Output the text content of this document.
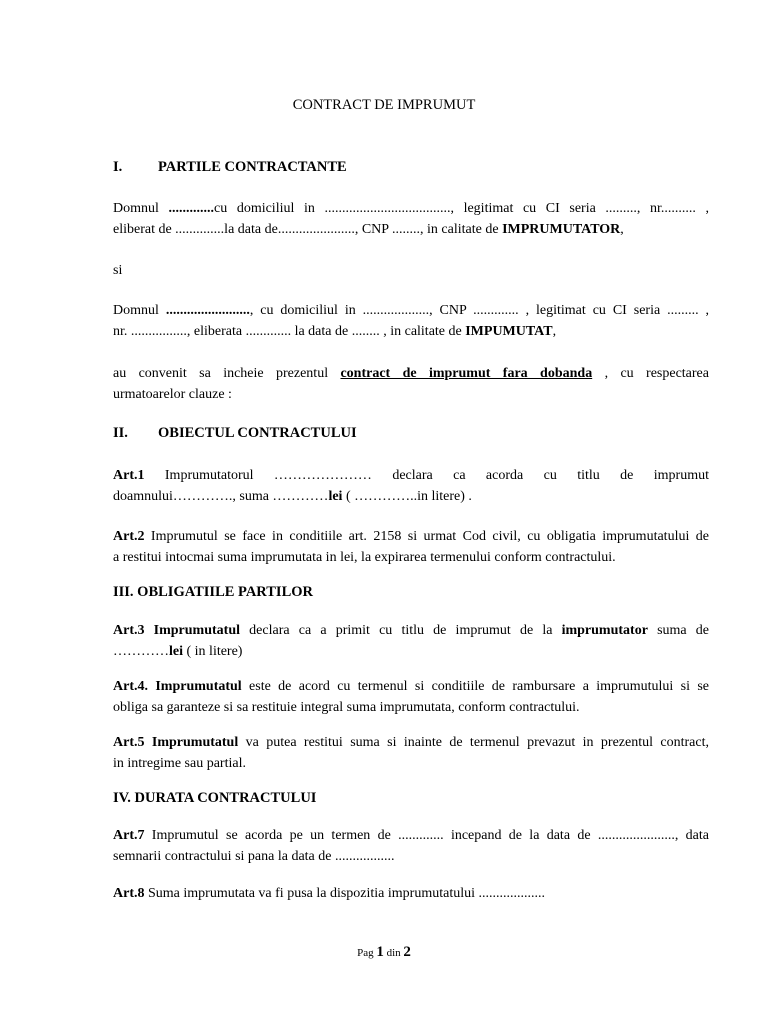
CONTRACT DE IMPRUMUT
I. PARTILE CONTRACTANTE
Domnul .............cu domiciliul in ...................................., legitimat cu CI seria ........., nr.......... ,
eliberat de ..............la data de......................, CNP ........, in calitate de IMPRUMUTATOR,
si
Domnul ........................, cu domiciliul in ..................., CNP ............. , legitimat cu CI seria ......... ,
nr. ................, eliberata ............. la data de ........ , in calitate de IMPUMUTAT,
au convenit sa incheie prezentul contract de imprumut fara dobanda , cu respectarea
urmatoarelor clauze :
II. OBIECTUL CONTRACTULUI
Art.1 Imprumutatorul ………………… declara ca acorda cu titlu de imprumut
doamnului…………., suma …………lei ( …………..in litere) .
Art.2 Imprumutul se face in conditiile art. 2158 si urmat Cod civil, cu obligatia imprumutatului de
a restitui intocmai suma imprumutata in lei, la expirarea termenului conform contractului.
III. OBLIGATIILE PARTILOR
Art.3 Imprumutatul declara ca a primit cu titlu de imprumut de la imprumutator suma de
…………lei ( in litere)
Art.4. Imprumutatul este de acord cu termenul si conditiile de rambursare a imprumutului si se
obliga sa garanteze si sa restituie integral suma imprumutata, conform contractului.
Art.5 Imprumutatul va putea restitui suma si inainte de termenul prevazut in prezentul contract,
in intregime sau partial.
IV. DURATA CONTRACTULUI
Art.7 Imprumutul se acorda pe un termen de ............. incepand de la data de ......................, data
semnarii contractului si pana la data de .................
Art.8 Suma imprumutata va fi pusa la dispozitia imprumutatului ...................
Pag 1 din 2
